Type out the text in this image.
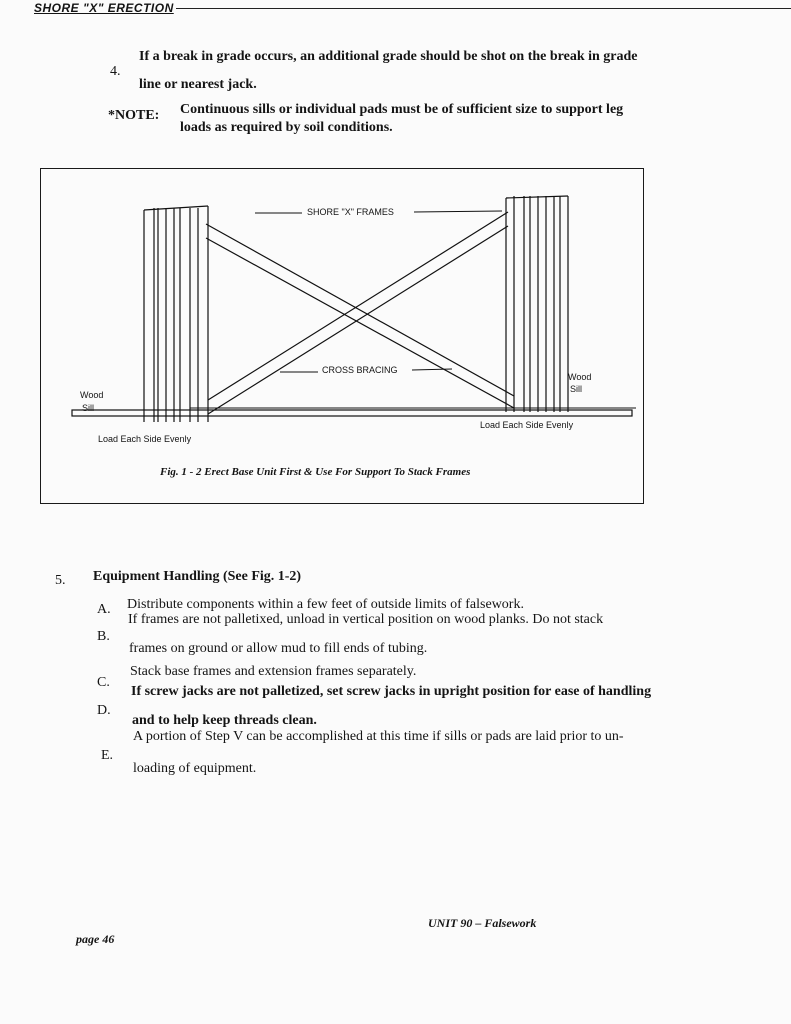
SHORE "X" ERECTION
4.
If a break in grade occurs, an additional grade should be shot on the break in grade
line or nearest jack.
*NOTE: Continuous sills or individual pads must be of sufficient size to support leg
loads as required by soil conditions.
SHORE "X" FRAMES
CROSS BRACING
Wood
Sill
Wood
Sill
Load Each Side Evenly
Load Each Side Evenly
Fig. 1 - 2 Erect Base Unit First & Use For Support To Stack Frames
5. Equipment Handling (See Fig. 1-2)
A. Distribute components within a few feet of outside limits of falsework.
B.
If frames are not palletixed, unload in vertical position on wood planks. Do not stack
frames on ground or allow mud to fill ends of tubing.
C.
Stack base frames and extension frames separately.
D.
If screw jacks are not palletized, set screw jacks in upright position for ease of handling
and to help keep threads clean.
E.
A portion of Step V can be accomplished at this time if sills or pads are laid prior to un-
loading of equipment.
page 46
UNIT 90 – Falsework
